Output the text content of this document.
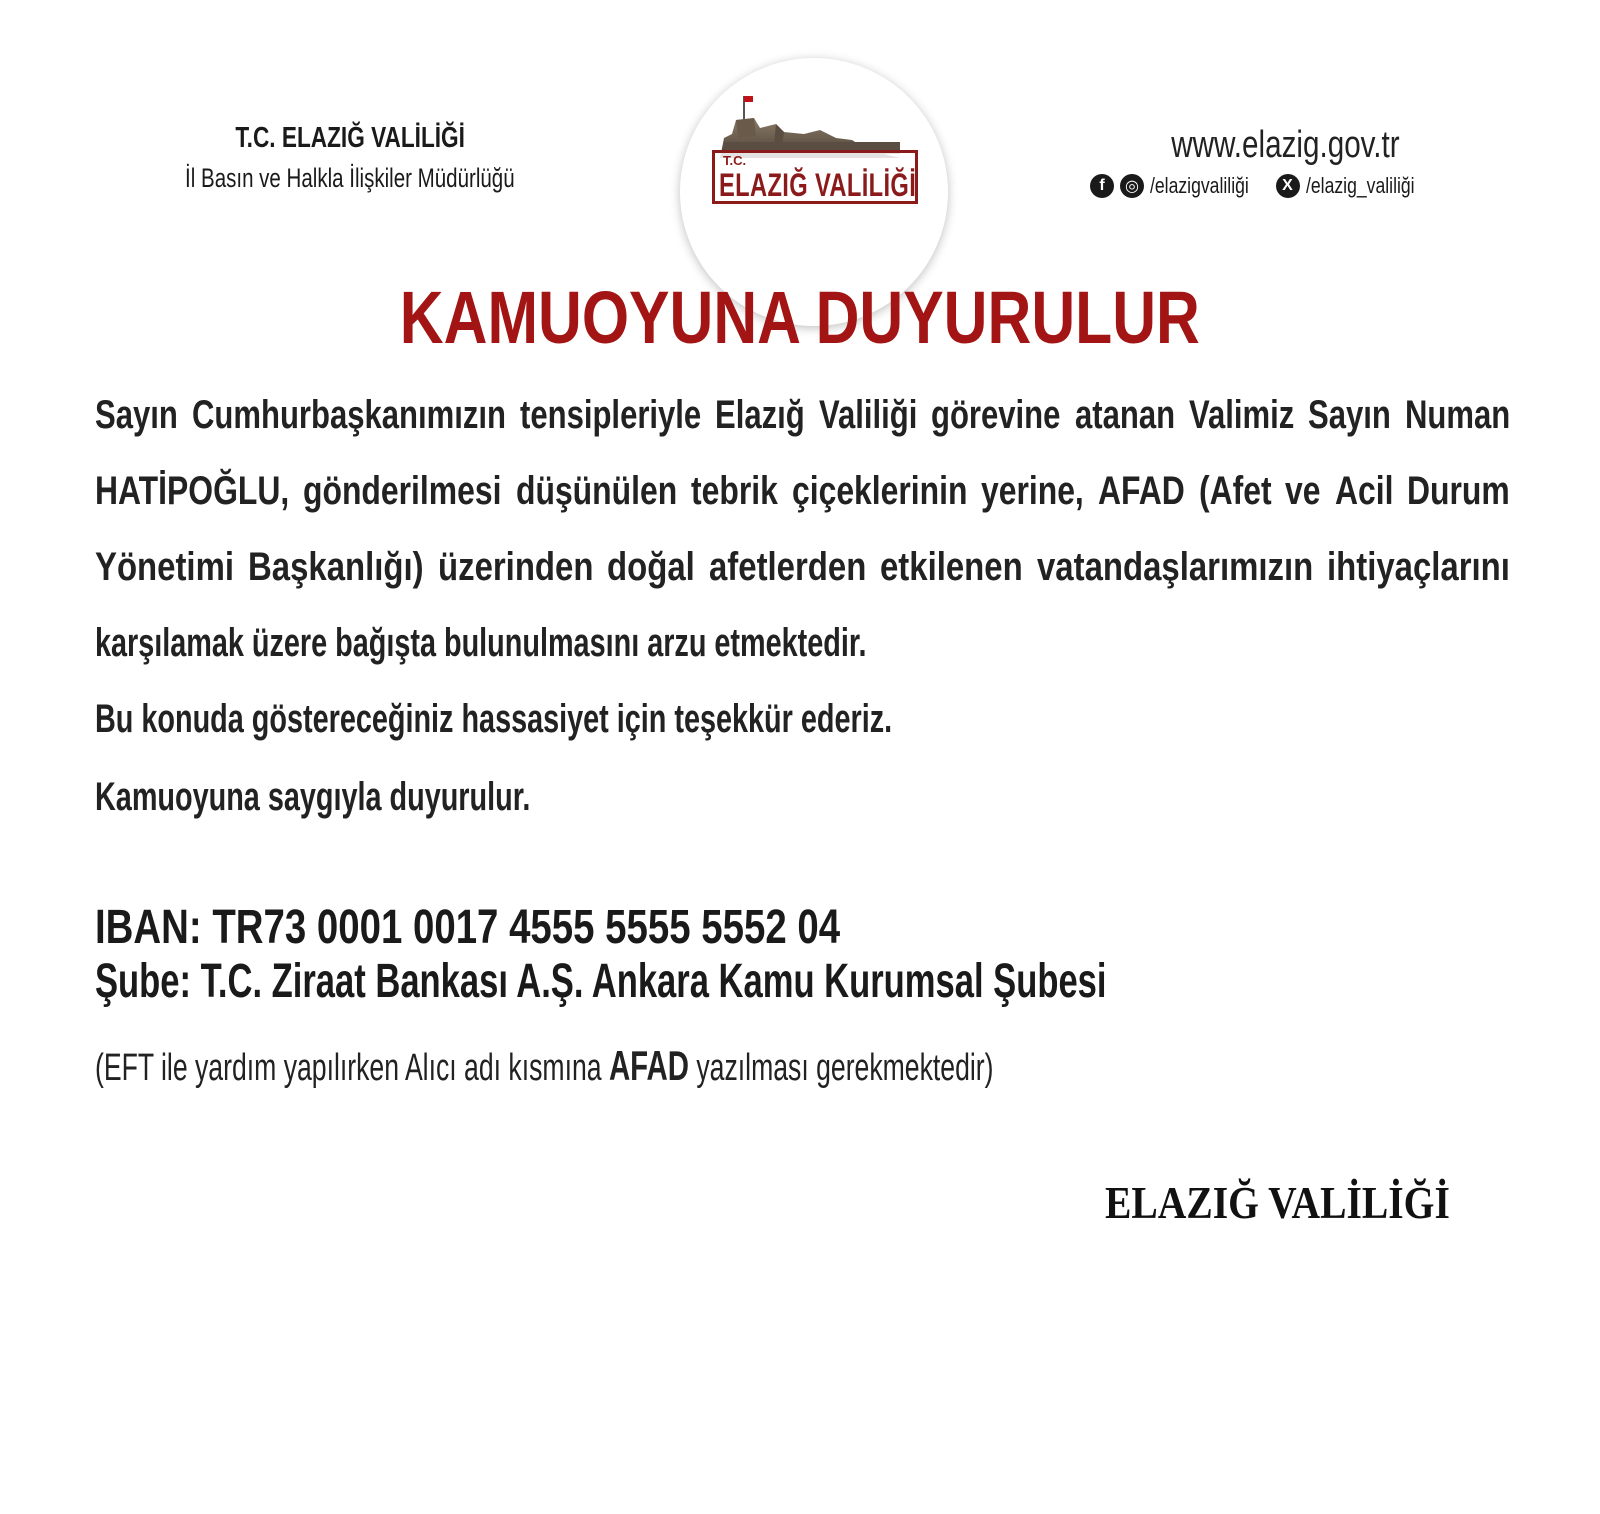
T.C. ELAZIĞ VALİLİĞİ
İl Basın ve Halkla İlişkiler Müdürlüğü
T.C.
ELAZIĞ VALİLİĞİ
www.elazig.gov.tr
f	◎ /elazigvaliliği	X /elazig_valiliği
KAMUOYUNA DUYURULUR
Sayın Cumhurbaşkanımızın tensipleriyle Elazığ Valiliği görevine atanan Valimiz Sayın Numan
HATİPOĞLU, gönderilmesi düşünülen tebrik çiçeklerinin yerine, AFAD (Afet ve Acil Durum
Yönetimi Başkanlığı) üzerinden doğal afetlerden etkilenen vatandaşlarımızın ihtiyaçlarını
karşılamak üzere bağışta bulunulmasını arzu etmektedir.
Bu konuda göstereceğiniz hassasiyet için teşekkür ederiz.
Kamuoyuna saygıyla duyurulur.
IBAN: TR73 0001 0017 4555 5555 5552 04
Şube: T.C. Ziraat Bankası A.Ş. Ankara Kamu Kurumsal Şubesi
(EFT ile yardım yapılırken Alıcı adı kısmına AFAD yazılması gerekmektedir)
ELAZIĞ VALİLİĞİ
